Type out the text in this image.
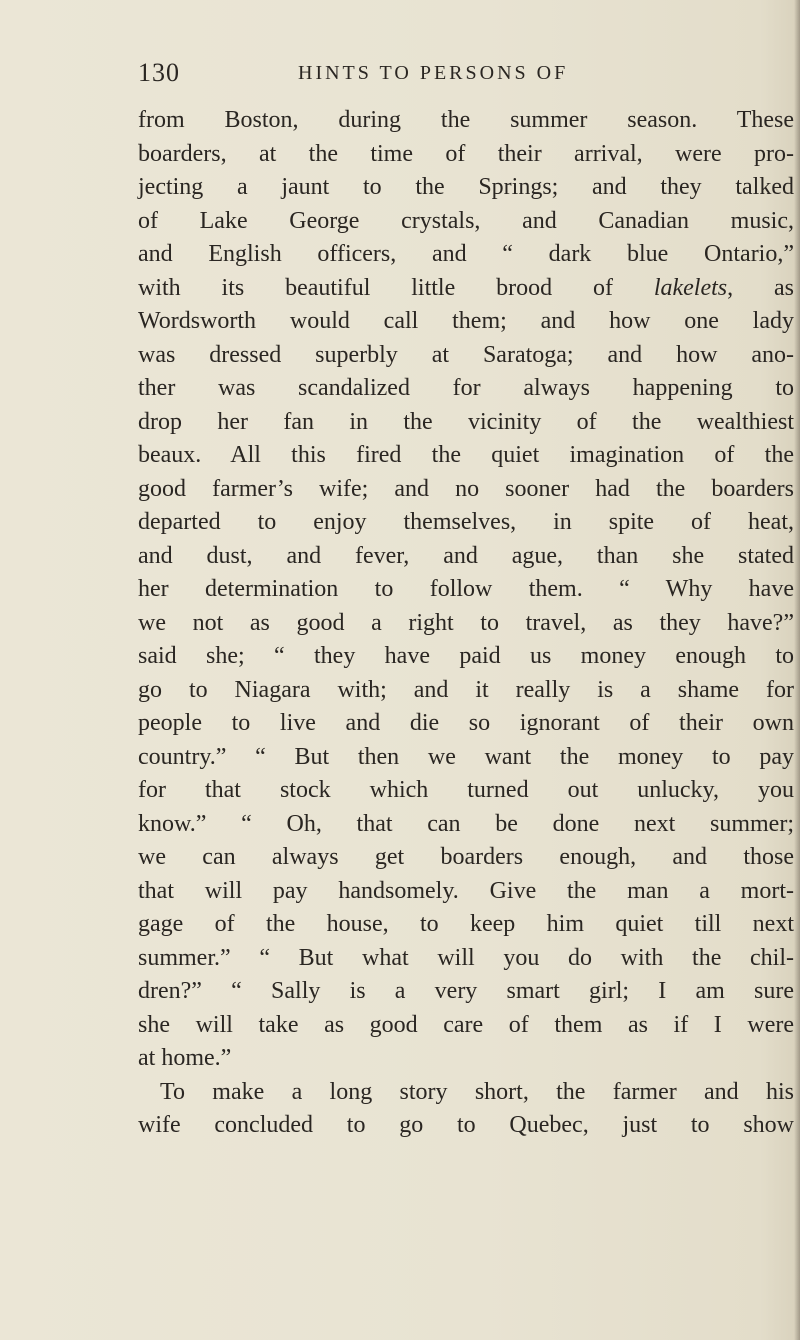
130	HINTS TO PERSONS OF
from Boston, during the summer season. These
boarders, at the time of their arrival, were pro-
jecting a jaunt to the Springs; and they talked
of Lake George crystals, and Canadian music,
and English officers, and “ dark blue Ontario,”
with its beautiful little brood of lakelets, as
Wordsworth would call them; and how one lady
was dressed superbly at Saratoga; and how ano-
ther was scandalized for always happening to
drop her fan in the vicinity of the wealthiest
beaux. All this fired the quiet imagination of the
good farmer’s wife; and no sooner had the boarders
departed to enjoy themselves, in spite of heat,
and dust, and fever, and ague, than she stated
her determination to follow them. “ Why have
we not as good a right to travel, as they have?”
said she; “ they have paid us money enough to
go to Niagara with; and it really is a shame for
people to live and die so ignorant of their own
country.” “ But then we want the money to pay
for that stock which turned out unlucky, you
know.” “ Oh, that can be done next summer;
we can always get boarders enough, and those
that will pay handsomely. Give the man a mort-
gage of the house, to keep him quiet till next
summer.” “ But what will you do with the chil-
dren?” “ Sally is a very smart girl; I am sure
she will take as good care of them as if I were
at home.”
To make a long story short, the farmer and his
wife concluded to go to Quebec, just to show
